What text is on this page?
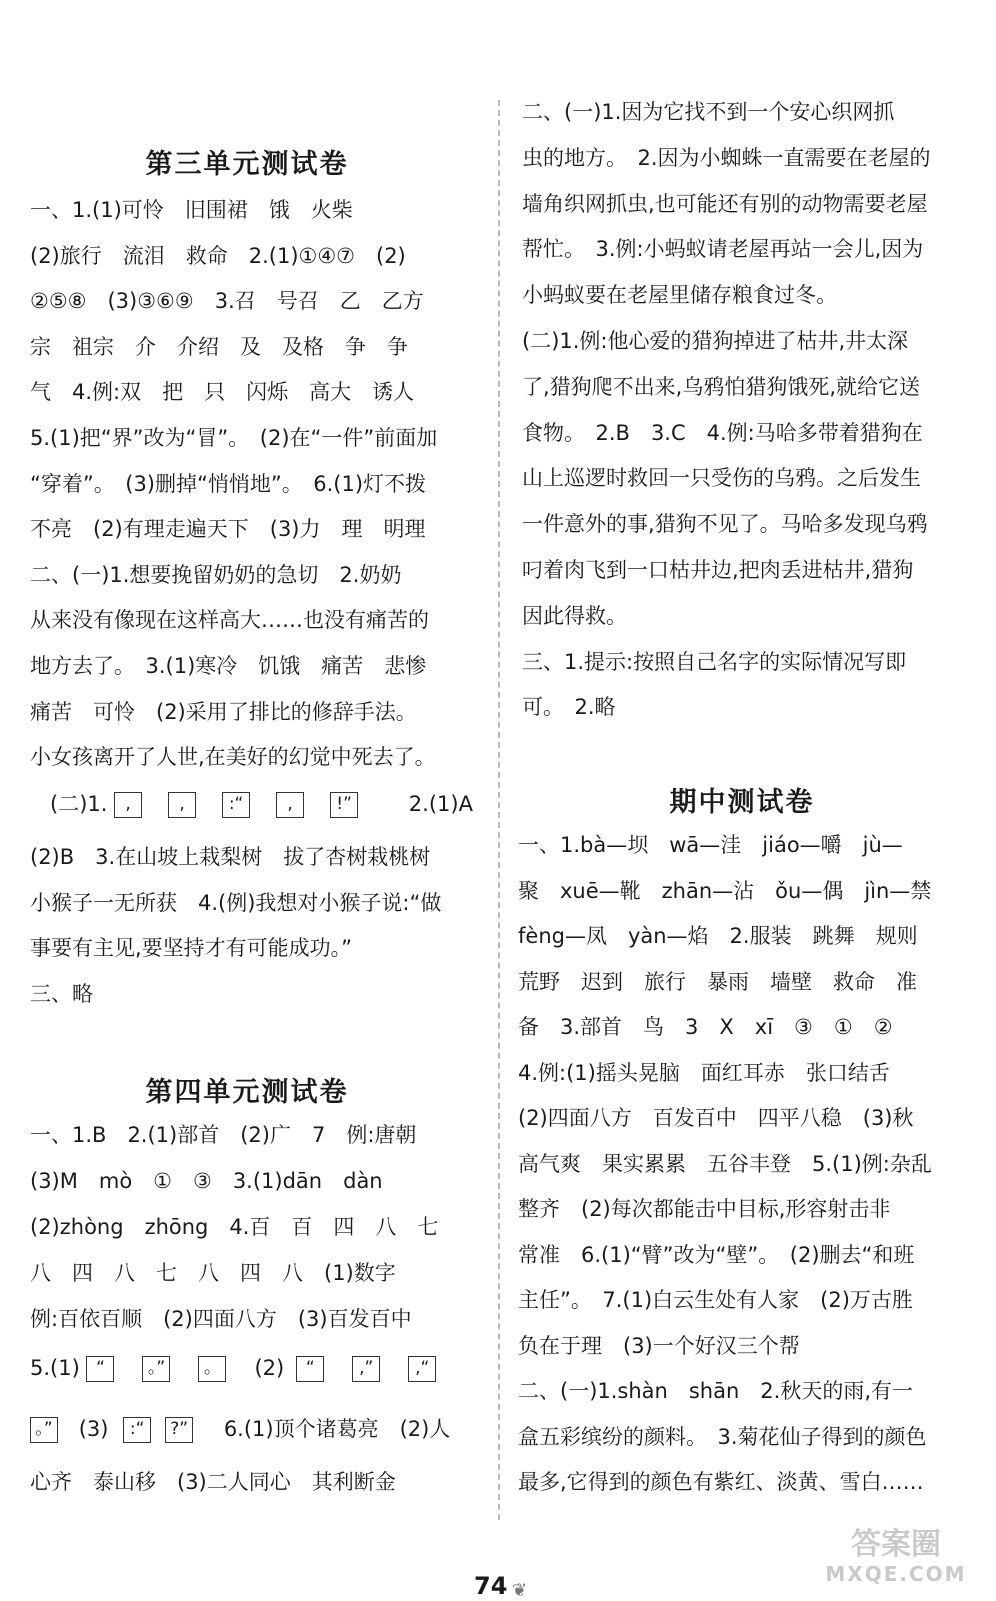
第三单元测试卷
一、1.(1)可怜　旧围裙　饿　火柴
(2)旅行　流泪　救命　2.(1)①④⑦　(2)
②⑤⑧　(3)③⑥⑨　3.召　号召　乙　乙方
宗　祖宗　介　介绍　及　及格　争　争
气　4.例:双　把　只　闪烁　高大　诱人
5.(1)把“界”改为“冒”。　(2)在“一件”前面加
“穿着”。　(3)删掉“悄悄地”。　6.(1)灯不拨
不亮　(2)有理走遍天下　(3)力　理　明理
二、(一)1.想要挽留奶奶的急切　2.奶奶
从来没有像现在这样高大……也没有痛苦的
地方去了。　3.(1)寒冷　饥饿　痛苦　悲惨
痛苦　可怜　(2)采用了排比的修辞手法。
小女孩离开了人世,在美好的幻觉中死去了。
(二)1. ,	,	:“	,	!”	2.(1)A
(2)B　3.在山坡上栽梨树　拔了杏树栽桃树
小猴子一无所获　4.(例)我想对小猴子说:“做
事要有主见,要坚持才有可能成功。”
三、略
第四单元测试卷
一、1.B　2.(1)部首　(2)广　7　例:唐朝
(3)M　mò　①　③　3.(1)dān　dàn
(2)zhòng　zhōng　4.百　百　四　八　七
八　四　八　七　八　四　八　(1)数字
例:百依百顺　(2)四面八方　(3)百发百中
5.(1) “	。” 。 (2) “	,” ,“
。” (3) :“ ?” 6.(1)顶个诸葛亮　(2)人
心齐　泰山移　(3)二人同心　其利断金
二、(一)1.因为它找不到一个安心织网抓
虫的地方。　2.因为小蜘蛛一直需要在老屋的
墙角织网抓虫,也可能还有别的动物需要老屋
帮忙。　3.例:小蚂蚁请老屋再站一会儿,因为
小蚂蚁要在老屋里储存粮食过冬。
(二)1.例:他心爱的猎狗掉进了枯井,井太深
了,猎狗爬不出来,乌鸦怕猎狗饿死,就给它送
食物。　2.B　3.C　4.例:马哈多带着猎狗在
山上巡逻时救回一只受伤的乌鸦。之后发生
一件意外的事,猎狗不见了。马哈多发现乌鸦
叼着肉飞到一口枯井边,把肉丢进枯井,猎狗
因此得救。
三、1.提示:按照自己名字的实际情况写即
可。　2.略
期中测试卷
一、1.bà—坝　wā—洼　jiáo—嚼　jù—
聚　xuē—靴　zhān—沾　ǒu—偶　jìn—禁
fèng—凤　yàn—焰　2.服装　跳舞　规则
荒野　迟到　旅行　暴雨　墙壁　救命　准
备　3.部首　鸟　3　X　xī　③　①　②
4.例:(1)摇头晃脑　面红耳赤　张口结舌
(2)四面八方　百发百中　四平八稳　(3)秋
高气爽　果实累累　五谷丰登　5.(1)例:杂乱
整齐　(2)每次都能击中目标,形容射击非
常准　6.(1)“臂”改为“壁”。　(2)删去“和班
主任”。　7.(1)白云生处有人家　(2)万古胜
负在于理　(3)一个好汉三个帮
二、(一)1.shàn　shān　2.秋天的雨,有一
盒五彩缤纷的颜料。　3.菊花仙子得到的颜色
最多,它得到的颜色有紫红、淡黄、雪白……
74 ❦
答案圈
MXQE.COM
